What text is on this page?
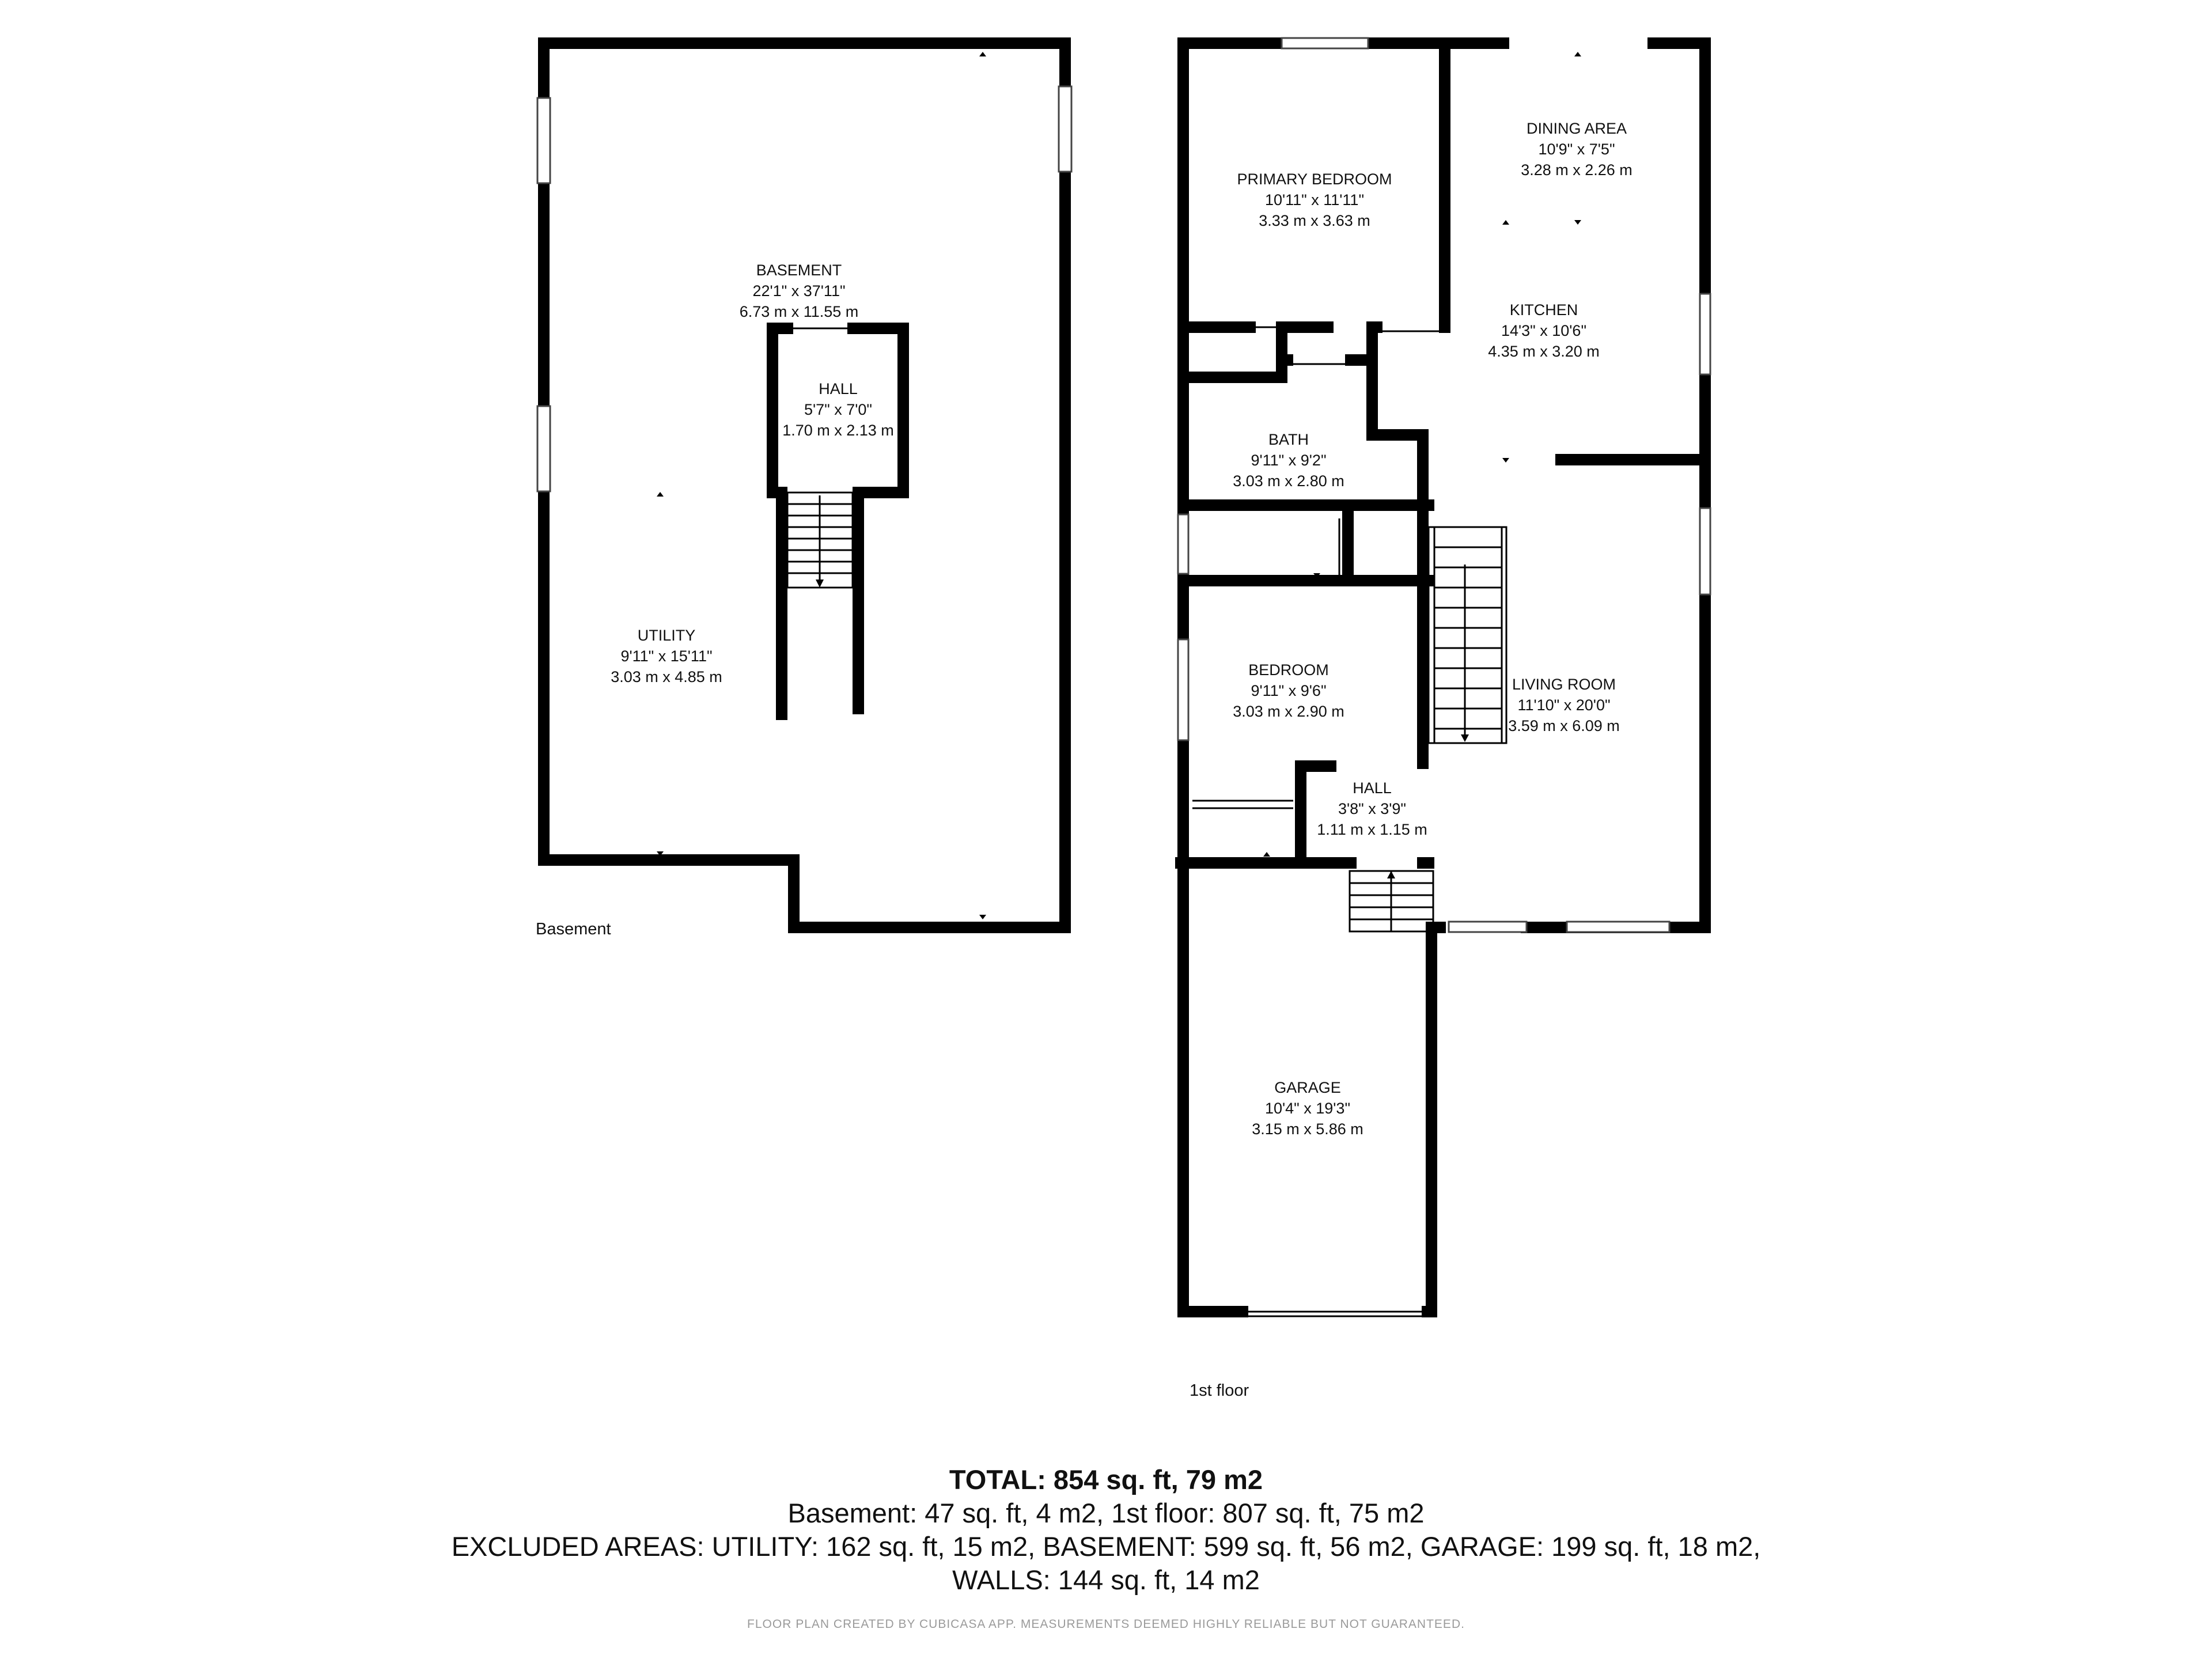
BASEMENT
22'1" x 37'11"
6.73 m x 11.55 m
HALL
5'7" x 7'0"
1.70 m x 2.13 m
UTILITY
9'11" x 15'11"
3.03 m x 4.85 m
Basement
PRIMARY BEDROOM
10'11" x 11'11"
3.33 m x 3.63 m
DINING AREA
10'9" x 7'5"
3.28 m x 2.26 m
KITCHEN
14'3" x 10'6"
4.35 m x 3.20 m
BATH
9'11" x 9'2"
3.03 m x 2.80 m
BEDROOM
9'11" x 9'6"
3.03 m x 2.90 m
LIVING ROOM
11'10" x 20'0"
3.59 m x 6.09 m
HALL
3'8" x 3'9"
1.11 m x 1.15 m
GARAGE
10'4" x 19'3"
3.15 m x 5.86 m
1st floor
TOTAL: 854 sq. ft, 79 m2
Basement: 47 sq. ft, 4 m2, 1st floor: 807 sq. ft, 75 m2
EXCLUDED AREAS: UTILITY: 162 sq. ft, 15 m2, BASEMENT: 599 sq. ft, 56 m2, GARAGE: 199 sq. ft, 18 m2,
WALLS: 144 sq. ft, 14 m2
FLOOR PLAN CREATED BY CUBICASA APP. MEASUREMENTS DEEMED HIGHLY RELIABLE BUT NOT GUARANTEED.
